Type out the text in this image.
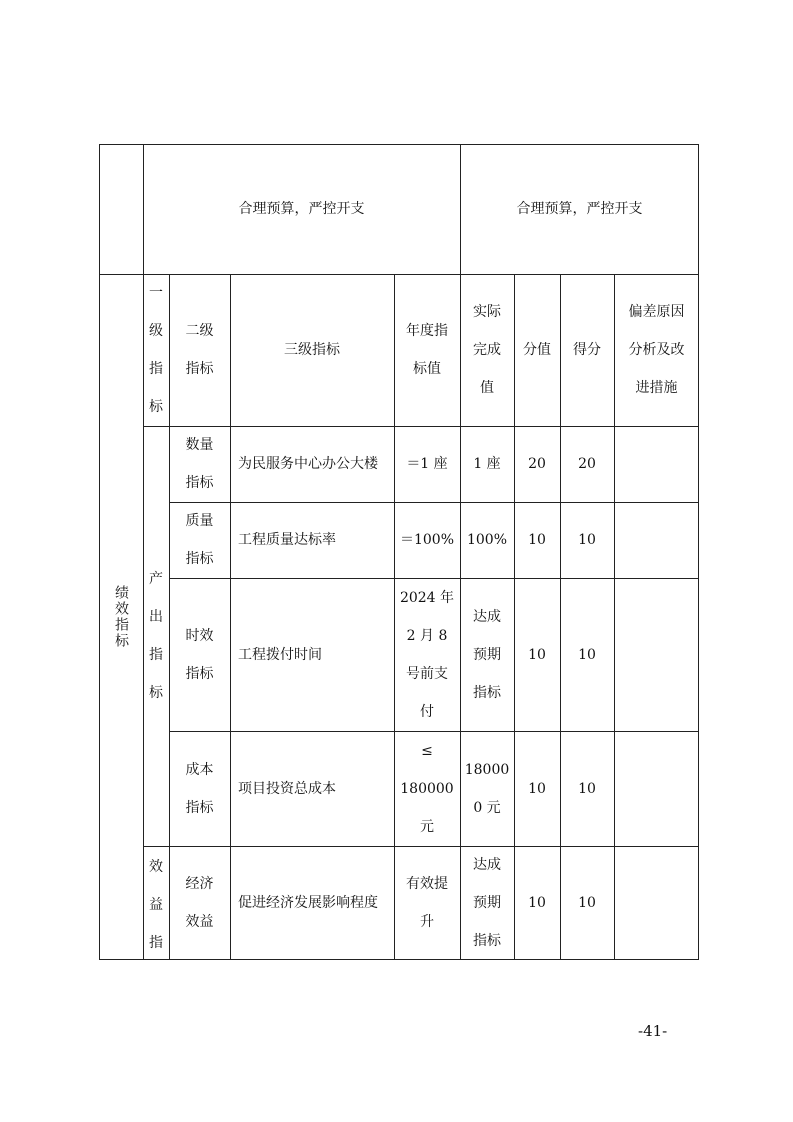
合理预算，严控开支	合理预算，严控开支
绩效指标
一
级
指
标
二级
指标
三级指标
年度指
标值
实际
完成
值
分值 得分
偏差原因
分析及改
进措施
产
出
指
标
效
益
指
数量
指标
为民服务中心办公大楼 ＝1 座 1 座 20 20
质量
指标
工程质量达标率	＝100% 100% 10 10
时效
指标
工程拨付时间
2024 年
2 月 8
号前支
付
达成
预期
指标
10 10
成本
指标
项目投资总成本
≤
180000
元
18000
0 元
10 10
经济
效益
促进经济发展影响程度
有效提
升
达成
预期
指标
10 10
-41-
